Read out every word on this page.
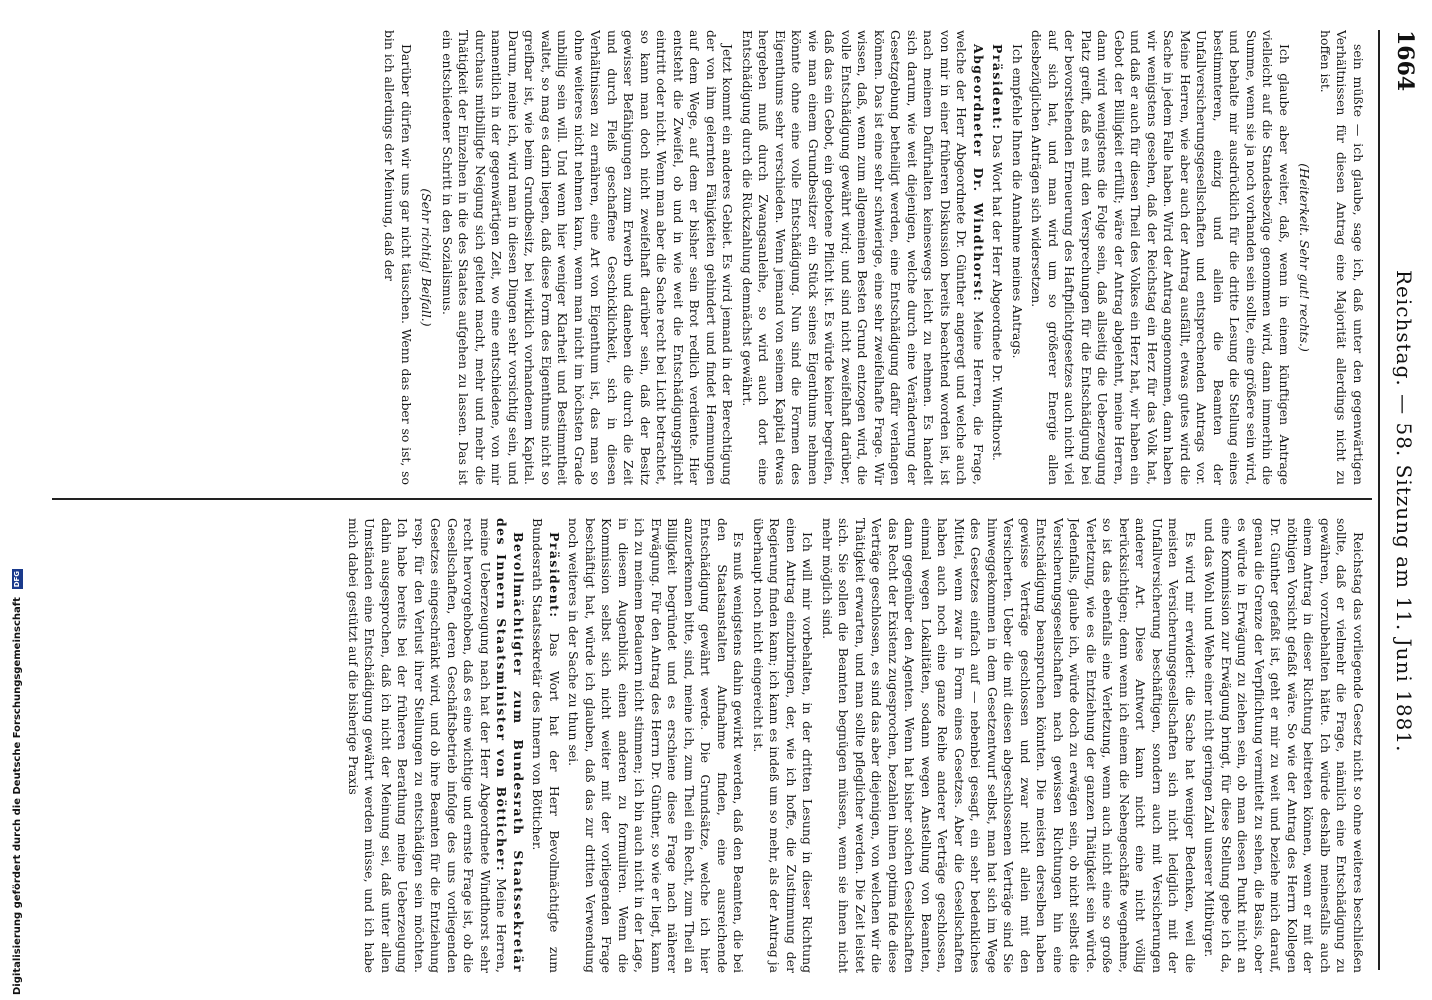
1664
Reichstag. — 58. Sitzung am 11. Juni 1881.

sein müßte — ich glaube, sage ich, daß unter den gegenwärtigen Verhältnissen für diesen Antrag eine Majorität allerdings nicht zu hoffen ist.

(Heiterkeit. Sehr gut! rechts.)

Ich glaube aber weiter, daß, wenn in einem künftigen Antrage vielleicht auf die Standesbezüge genommen wird, dann immerhin die Summe, wenn sie ja noch vorhanden sein sollte, eine größere sein wird, und behalte mir ausdrücklich für die dritte Lesung die Stellung eines bestimmteren, einzig und allein die Beamten der Unfallversicherungsgesellschaften und entsprechenden Antrags vor. Meine Herren, wie aber auch der Antrag ausfällt, etwas gutes wird die Sache in jedem Falle haben. Wird der Antrag angenommen, dann haben wir wenigstens gesehen, daß der Reichstag ein Herz für das Volk hat, und daß er auch für diesen Theil des Volkes ein Herz hat, wir haben ein Gebot der Billigkeit erfüllt; wäre der Antrag abgelehnt, meine Herren, dann wird wenigstens die Folge sein, daß allseitig die Ueberzeugung Platz greift, daß es mit den Versprechungen für die Entschädigung bei der bevorstehenden Erneuerung des Haftpflichtgesetzes auch nicht viel auf sich hat, und man wird um so größerer Energie allen diesbezüglichen Anträgen sich widersetzen.

Ich empfehle Ihnen die Annahme meines Antrags.

Präsident: Das Wort hat der Herr Abgeordnete Dr. Windthorst.

Abgeordneter Dr. Windthorst: Meine Herren, die Frage, welche der Herr Abgeordnete Dr. Günther angeregt und welche auch von mir in einer früheren Diskussion bereits beachtend worden ist, ist nach meinem Dafürhalten keineswegs leicht zu nehmen. Es handelt sich darum, wie weit diejenigen, welche durch eine Veränderung der Gesetzgebung betheiligt werden, eine Entschädigung dafür verlangen können. Das ist eine sehr schwierige, eine sehr zweifelhafte Frage. Wir wissen, daß, wenn zum allgemeinen Besten Grund entzogen wird, die volle Entschädigung gewährt wird; und sind nicht zweifelhaft darüber, daß das ein Gebot, ein gebotene Pflicht ist. Es würde keiner begreifen, wie man einem Grundbesitzer ein Stück seines Eigenthums nehmen könnte ohne eine volle Entschädigung. Nun sind die Formen des Eigenthums sehr verschieden. Wenn jemand von seinem Kapital etwas hergeben muß durch Zwangsanleihe, so wird auch dort eine Entschädigung durch die Rückzahlung demnächst gewährt.

Jetzt kommt ein anderes Gebiet. Es wird jemand in der Berechtigung der von ihm gelernten Fähigkeiten gehindert und findet Hemmungen auf dem Wege, auf dem er bisher sein Brot redlich verdiente. Hier entsteht die Zweifel, ob und in wie weit die Entschädigungspflicht eintritt oder nicht. Wenn man aber die Sache recht bei Licht betrachtet, so kann man doch nicht zweifelhaft darüber sein, daß der Besitz gewisser Befähigungen zum Erwerb und daneben die durch die Zeit und durch Fleiß geschaffene Geschicklichkeit, sich in diesen Verhältnissen zu ernähren, eine Art von Eigenthum ist, das man so ohne weiteres nicht nehmen kann, wenn man nicht im höchsten Grade unbillig sein will. Und wenn hier weniger Klarheit und Bestimmtheit waltet, so mag es darin liegen, daß diese Form des Eigenthums nicht so greifbar ist, wie beim Grundbesitz, bei wirklich vorhandenem Kapital. Darum, meine ich, wird man in diesen Dingen sehr vorsichtig sein, und namentlich in der gegenwärtigen Zeit, wo eine entschiedene, von mir durchaus mitbilligte Neigung sich geltend macht, mehr und mehr die Thätigkeit der Einzelnen in die des Staates aufgehen zu lassen. Das ist ein entschiedener Schritt in den Sozialismus.

(Sehr richtig! Beifall.)

Darüber dürfen wir uns gar nicht täuschen. Wenn das aber so ist, so bin ich allerdings der Meinung, daß der

Reichstag das vorliegende Gesetz nicht so ohne weiteres beschließen sollte, daß er vielmehr die Frage, nämlich eine Entschädigung zu gewähren, vorzubehalten hätte. Ich würde deshalb meinesfalls auch einem Antrag in dieser Richtung beitreten können, wenn er mit der nöthigen Vorsicht gefaßt wäre. So wie der Antrag des Herrn Kollegen Dr. Günther gefaßt ist, geht er mir zu weit und beziehe mich darauf, genau die Grenze der Verpflichtung vermittelt zu sehen, die Basis, ober es würde in Erwägung zu ziehen sein, ob man diesen Punkt nicht an eine Kommission zur Erwägung bringt, für diese Stellung gebe ich da, und das Wohl und Wehe einer nicht geringen Zahl unserer Mitbürger.

Es wird mir erwidert: die Sache hat weniger Bedenken, weil die meisten Versicherungsgesellschaften sich nicht lediglich mit der Unfallversicherung beschäftigen, sondern auch mit Versicherungen anderer Art. Diese Antwort kann nicht eine nicht völlig berücksichtigen; denn wenn ich einem die Nebengeschäfte wegnehme, so ist das ebenfalls eine Verletzung, wenn auch nicht eine so große Verletzung, wie es die Entziehung der ganzen Thätigkeit sein würde. Jedenfalls, glaube ich, würde doch zu erwägen sein, ob nicht selbst die Versicherungsgesellschaften nach gewissen Richtungen hin eine Entschädigung beanspruchen könnten. Die meisten derselben haben gewisse Verträge geschlossen und zwar nicht allein mit den Versicherten. Ueber die mit diesen abgeschlossenen Verträge sind Sie hinweggekommen in dem Gesetzentwurf selbst, man hat sich im Wege des Gesetzes einfach auf — nebenbei gesagt, ein sehr bedenkliches Mittel, wenn zwar in Form eines Gesetzes. Aber die Gesellschaften haben auch noch eine ganze Reihe anderer Verträge geschlossen, einmal wegen Lokalitäten, sodann wegen Anstellung von Beamten, dann gegenüber den Agenten. Wenn hat bisher solchen Gesellschaften das Recht der Existenz zugesprochen, bezahlen ihnen optima fide diese Verträge geschlossen, es sind das aber diejenigen, von welchen wir die Thätigkeit erwarten, und man sollte pfleglicher werden. Die Zeit leistet sich. Sie sollen die Beamten begnügen müssen, wenn sie ihnen nicht mehr möglich sind.

Ich will mir vorbehalten, in der dritten Lesung in dieser Richtung einen Antrag einzubringen, der, wie ich hoffe, die Zustimmung der Regierung finden kann; ich kann es indeß um so mehr, als der Antrag ja überhaupt noch nicht eingereicht ist.

Es muß wenigstens dahin gewirkt werden, daß den Beamten, die bei den Staatsanstalten Aufnahme finden, eine ausreichende Entschädigung gewährt werde. Die Grundsätze, welche ich hier anzuerkennen bitte, sind, meine ich, zum Theil ein Recht, zum Theil an Billigkeit begründet und es erschiene diese Frage nach näherer Erwägung. Für den Antrag des Herrn Dr. Günther, so wie er liegt, kann ich zu meinem Bedauern nicht stimmen; ich bin auch nicht in der Lage, in diesem Augenblick einen anderen zu formuliren. Wenn die Kommission selbst sich nicht weiter mit der vorliegenden Frage beschäftigt hat, würde ich glauben, daß das zur dritten Verwendung noch weiteres in der Sache zu thun sei.

Präsident: Das Wort hat der Herr Bevollmächtigte zum Bundesrath Staatssekretär des Innern von Bötticher.

Bevollmächtigter zum Bundesrath Staatssekretär des Innern Staatsminister von Bötticher: Meine Herren, meine Ueberzeugung nach hat der Herr Abgeordnete Windthorst sehr recht hervorgehoben, daß es eine wichtige und ernste Frage ist, ob die Gesellschaften, deren Geschäftsbetrieb infolge des uns vorliegenden Gesetzes eingeschränkt wird, und ob ihre Beamten für die Entziehung resp. für den Verlust ihrer Stellungen zu entschädigen sein möchten. Ich habe bereits bei der früheren Berathung meine Ueberzeugung dahin ausgesprochen, daß ich nicht der Meinung sei, daß unter allen Umständen eine Entschädigung gewährt werden müsse, und ich habe mich dabei gestützt auf die bisherige Praxis

Digitalisierung gefördert durch die Deutsche Forschungsgemeinschaft
DFG
